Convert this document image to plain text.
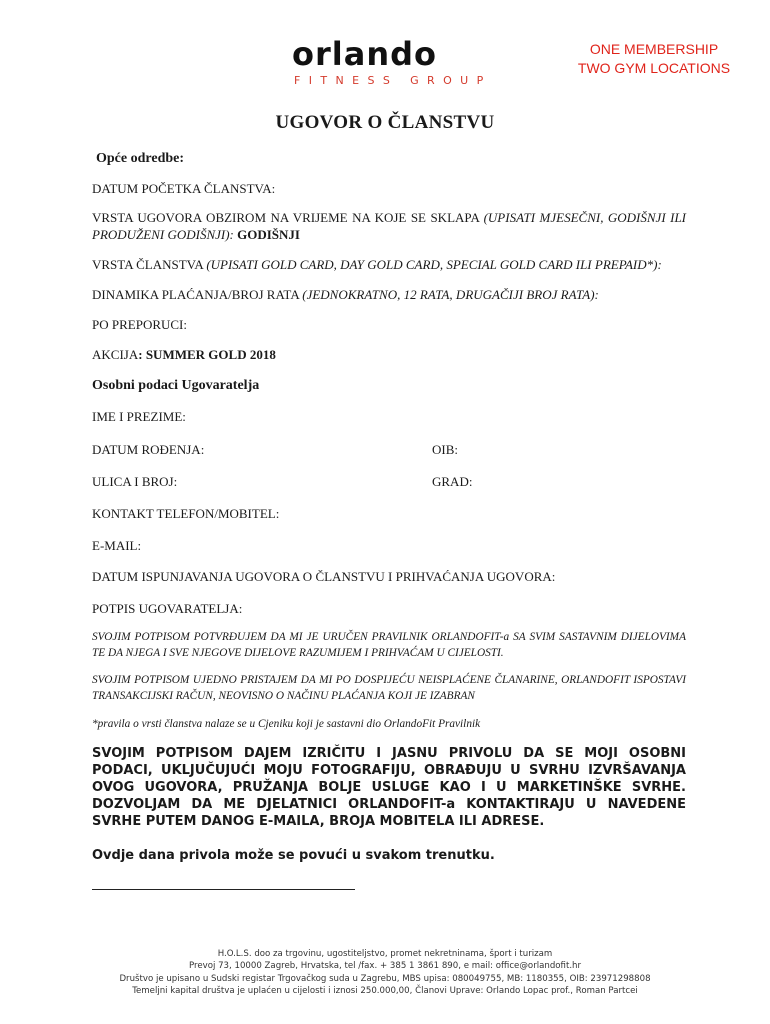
orlando
FITNESS GROUP
ONE MEMBERSHIP
TWO GYM LOCATIONS
UGOVOR O ČLANSTVU
Opće odredbe:
DATUM POČETKA ČLANSTVA:
VRSTA UGOVORA OBZIROM NA VRIJEME NA KOJE SE SKLAPA (UPISATI MJESEČNI, GODIŠNJI ILI PRODUŽENI GODIŠNJI): GODIŠNJI
VRSTA ČLANSTVA (UPISATI GOLD CARD, DAY GOLD CARD, SPECIAL GOLD CARD ILI PREPAID*):
DINAMIKA PLAĆANJA/BROJ RATA (JEDNOKRATNO, 12 RATA, DRUGAČIJI BROJ RATA):
PO PREPORUCI:
AKCIJA: SUMMER GOLD 2018
Osobni podaci Ugovaratelja
IME I PREZIME:
DATUM ROĐENJA:	OIB:
ULICA I BROJ:	GRAD:
KONTAKT TELEFON/MOBITEL:
E-MAIL:
DATUM ISPUNJAVANJA UGOVORA O ČLANSTVU I PRIHVAĆANJA UGOVORA:
POTPIS UGOVARATELJA:
SVOJIM POTPISOM POTVRĐUJEM DA MI JE URUČEN PRAVILNIK ORLANDOFIT-a SA SVIM SASTAVNIM DIJELOVIMA TE DA NJEGA I SVE NJEGOVE DIJELOVE RAZUMIJEM I PRIHVAĆAM U CIJELOSTI.
SVOJIM POTPISOM UJEDNO PRISTAJEM DA MI PO DOSPIJEĆU NEISPLAĆENE ČLANARINE, ORLANDOFIT ISPOSTAVI TRANSAKCIJSKI RAČUN, NEOVISNO O NAČINU PLAĆANJA KOJI JE IZABRAN
*pravila o vrsti članstva nalaze se u Cjeniku koji je sastavni dio OrlandoFit Pravilnik
SVOJIM POTPISOM DAJEM IZRIČITU I JASNU PRIVOLU DA SE MOJI OSOBNI PODACI, UKLJUČUJUĆI MOJU FOTOGRAFIJU, OBRAĐUJU U SVRHU IZVRŠAVANJA OVOG UGOVORA, PRUŽANJA BOLJE USLUGE KAO I U MARKETINŠKE SVRHE. DOZVOLJAM DA ME DJELATNICI ORLANDOFIT-a KONTAKTIRAJU U NAVEDENE SVRHE PUTEM DANOG E-MAILA, BROJA MOBITELA ILI ADRESE.
Ovdje dana privola može se povući u svakom trenutku.
H.O.L.S. doo za trgovinu, ugostiteljstvo, promet nekretninama, šport i turizam
Prevoj 73, 10000 Zagreb, Hrvatska, tel /fax. + 385 1 3861 890, e mail: office@orlandofit.hr
Društvo je upisano u Sudski registar Trgovačkog suda u Zagrebu, MBS upisa: 080049755, MB: 1180355, OIB: 23971298808
Temeljni kapital društva je uplaćen u cijelosti i iznosi 250.000,00, Članovi Uprave: Orlando Lopac prof., Roman Partcei
